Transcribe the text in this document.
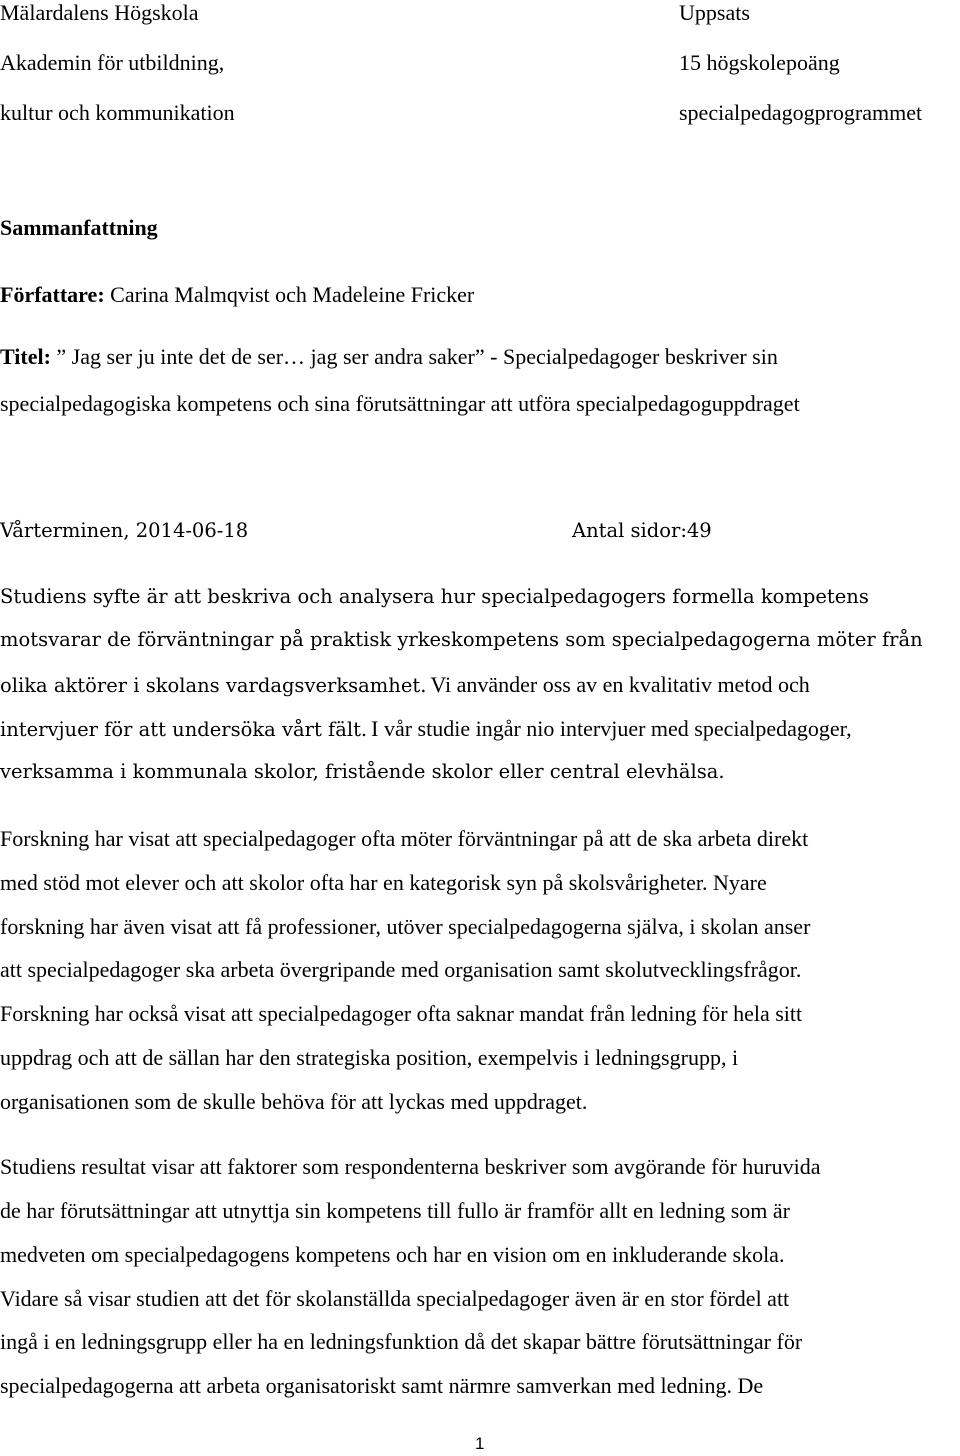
Mälardalens Högskola
Akademin för utbildning,
kultur och kommunikation
Uppsats
15 högskolepoäng
specialpedagogprogrammet
Sammanfattning
Författare: Carina Malmqvist och Madeleine Fricker
Titel: ” Jag ser ju inte det de ser… jag ser andra saker” - Specialpedagoger beskriver sin
specialpedagogiska kompetens och sina förutsättningar att utföra specialpedagoguppdraget
Vårterminen, 2014-06-18	Antal sidor:49
Studiens syfte är att beskriva och analysera hur specialpedagogers formella kompetens
motsvarar de förväntningar på praktisk yrkeskompetens som specialpedagogerna möter från
olika aktörer i skolans vardagsverksamhet. Vi använder oss av en kvalitativ metod och
intervjuer för att undersöka vårt fält. I vår studie ingår nio intervjuer med specialpedagoger,
verksamma i kommunala skolor, fristående skolor eller central elevhälsa.
Forskning har visat att specialpedagoger ofta möter förväntningar på att de ska arbeta direkt
med stöd mot elever och att skolor ofta har en kategorisk syn på skolsvårigheter. Nyare
forskning har även visat att få professioner, utöver specialpedagogerna själva, i skolan anser
att specialpedagoger ska arbeta övergripande med organisation samt skolutvecklingsfrågor.
Forskning har också visat att specialpedagoger ofta saknar mandat från ledning för hela sitt
uppdrag och att de sällan har den strategiska position, exempelvis i ledningsgrupp, i
organisationen som de skulle behöva för att lyckas med uppdraget.
Studiens resultat visar att faktorer som respondenterna beskriver som avgörande för huruvida
de har förutsättningar att utnyttja sin kompetens till fullo är framför allt en ledning som är
medveten om specialpedagogens kompetens och har en vision om en inkluderande skola.
Vidare så visar studien att det för skolanställda specialpedagoger även är en stor fördel att
ingå i en ledningsgrupp eller ha en ledningsfunktion då det skapar bättre förutsättningar för
specialpedagogerna att arbeta organisatoriskt samt närmre samverkan med ledning. De
1
